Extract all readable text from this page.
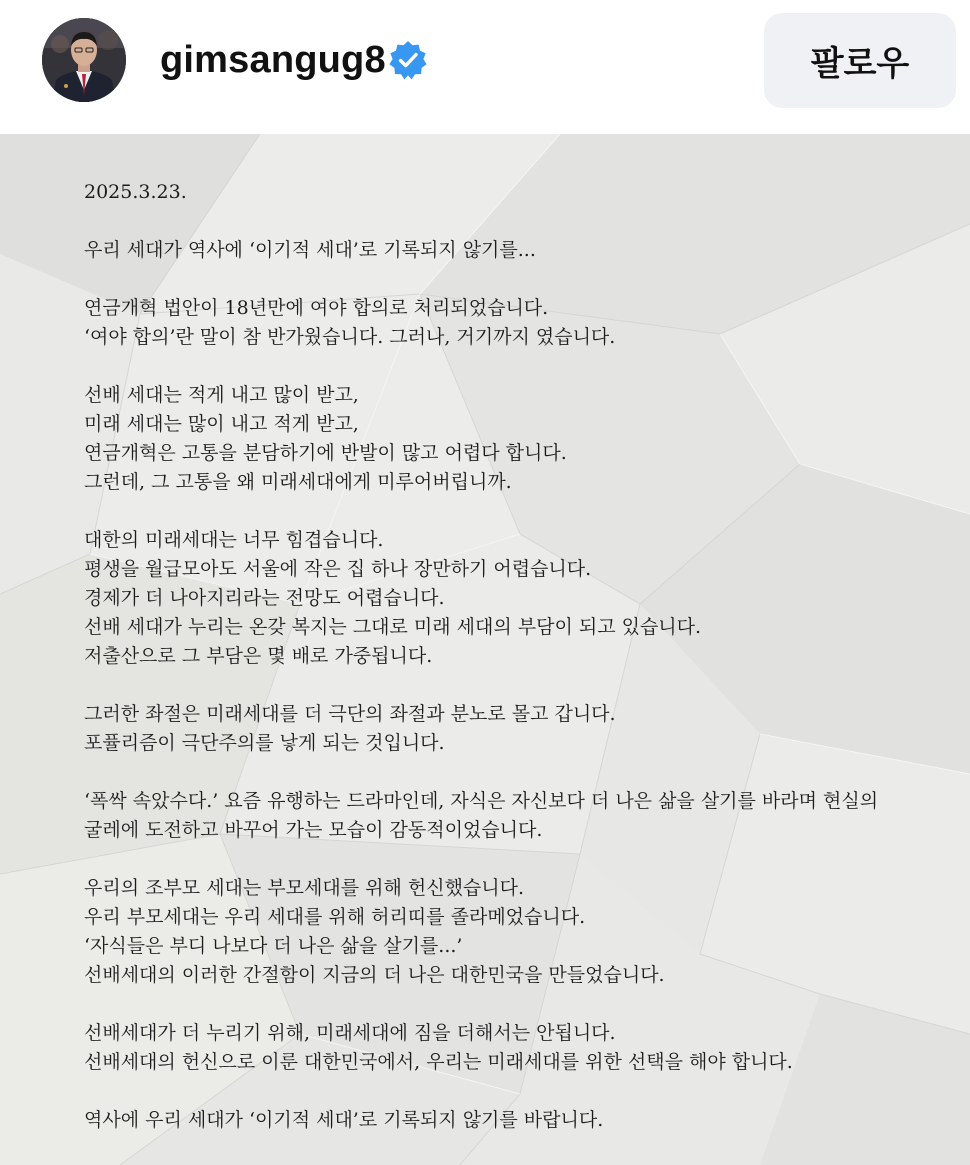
gimsangug8	팔로우
2025.3.23.
우리 세대가 역사에 ‘이기적 세대’로 기록되지 않기를...
연금개혁 법안이 18년만에 여야 합의로 처리되었습니다.
‘여야 합의’란 말이 참 반가웠습니다. 그러나, 거기까지 였습니다.
선배 세대는 적게 내고 많이 받고,
미래 세대는 많이 내고 적게 받고,
연금개혁은 고통을 분담하기에 반발이 많고 어렵다 합니다.
그런데, 그 고통을 왜 미래세대에게 미루어버립니까.
대한의 미래세대는 너무 힘겹습니다.
평생을 월급모아도 서울에 작은 집 하나 장만하기 어렵습니다.
경제가 더 나아지리라는 전망도 어렵습니다.
선배 세대가 누리는 온갖 복지는 그대로 미래 세대의 부담이 되고 있습니다.
저출산으로 그 부담은 몇 배로 가중됩니다.
그러한 좌절은 미래세대를 더 극단의 좌절과 분노로 몰고 갑니다.
포퓰리즘이 극단주의를 낳게 되는 것입니다.
‘폭싹 속았수다.’ 요즘 유행하는 드라마인데, 자식은 자신보다 더 나은 삶을 살기를 바라며 현실의
굴레에 도전하고 바꾸어 가는 모습이 감동적이었습니다.
우리의 조부모 세대는 부모세대를 위해 헌신했습니다.
우리 부모세대는 우리 세대를 위해 허리띠를 졸라메었습니다.
‘자식들은 부디 나보다 더 나은 삶을 살기를...’
선배세대의 이러한 간절함이 지금의 더 나은 대한민국을 만들었습니다.
선배세대가 더 누리기 위해, 미래세대에 짐을 더해서는 안됩니다.
선배세대의 헌신으로 이룬 대한민국에서, 우리는 미래세대를 위한 선택을 해야 합니다.
역사에 우리 세대가 ‘이기적 세대’로 기록되지 않기를 바랍니다.
